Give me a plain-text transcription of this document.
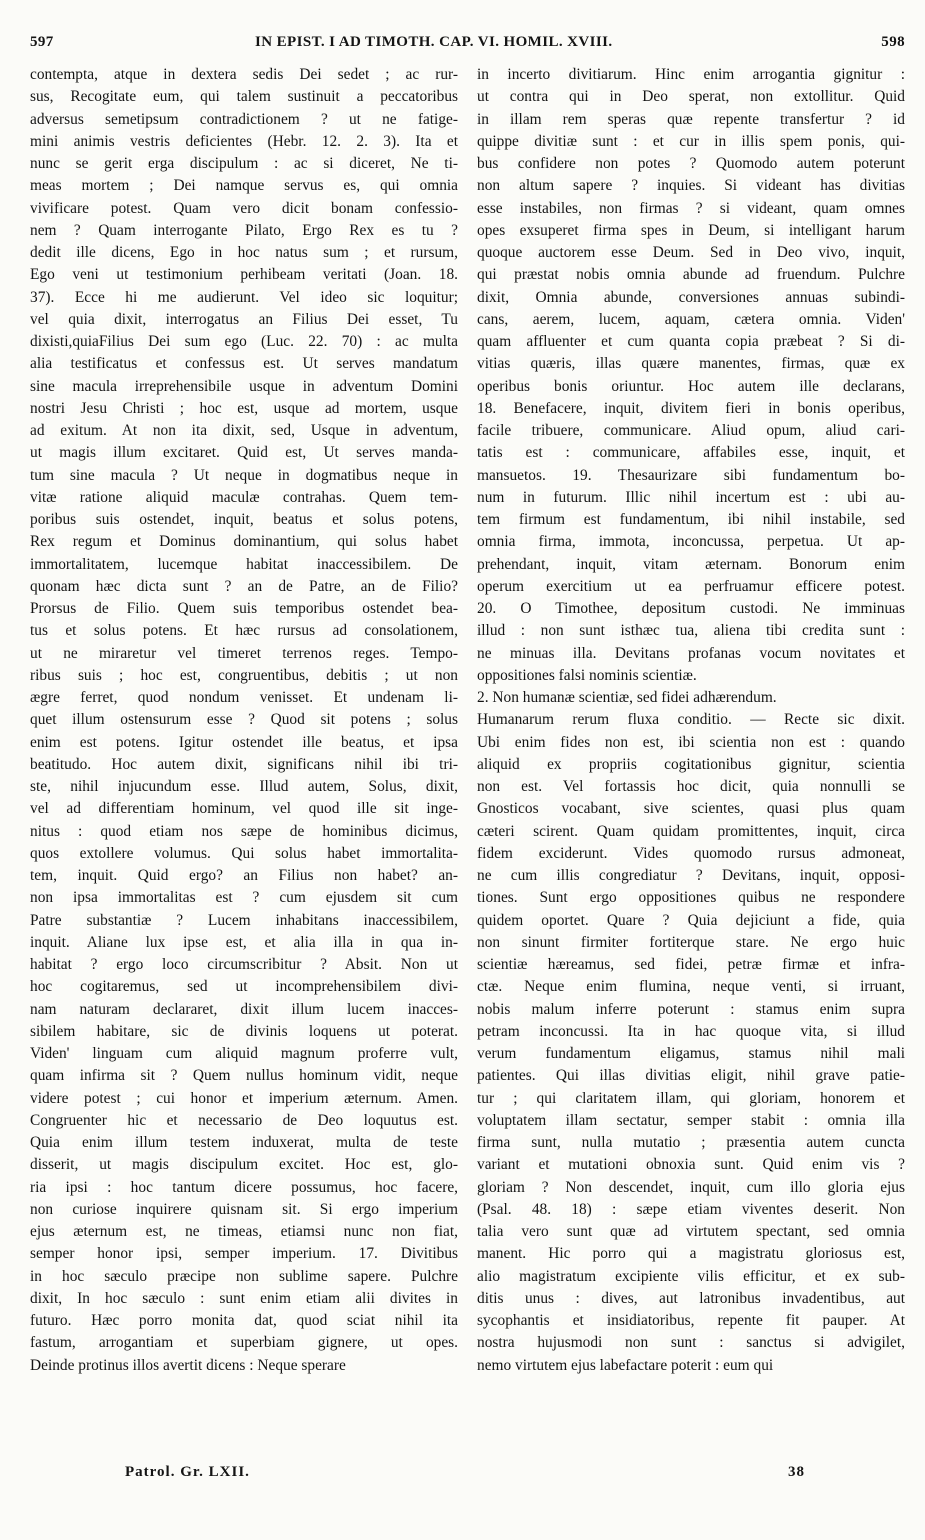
597	IN EPIST. I AD TIMOTH. CAP. VI. HOMIL. XVIII.	598
contempta, atque in dextera sedis Dei sedet ; ac rur-
sus, Recogitate eum, qui talem sustinuit a peccatoribus
adversus semetipsum contradictionem ? ut ne fatige-
mini animis vestris deficientes (Hebr. 12. 2. 3). Ita et
nunc se gerit erga discipulum : ac si diceret, Ne ti-
meas mortem ; Dei namque servus es, qui omnia
vivificare potest. Quam vero dicit bonam confessio-
nem ? Quam interrogante Pilato, Ergo Rex es tu ?
dedit ille dicens, Ego in hoc natus sum ; et rursum,
Ego veni ut testimonium perhibeam veritati (Joan. 18.
37). Ecce hi me audierunt. Vel ideo sic loquitur;
vel quia dixit, interrogatus an Filius Dei esset, Tu
dixisti,quiaFilius Dei sum ego (Luc. 22. 70) : ac multa
alia testificatus et confessus est. Ut serves mandatum
sine macula irreprehensibile usque in adventum Domini
nostri Jesu Christi ; hoc est, usque ad mortem, usque
ad exitum. At non ita dixit, sed, Usque in adventum,
ut magis illum excitaret. Quid est, Ut serves manda-
tum sine macula ? Ut neque in dogmatibus neque in
vitæ ratione aliquid maculæ contrahas. Quem tem-
poribus suis ostendet, inquit, beatus et solus potens,
Rex regum et Dominus dominantium, qui solus habet
immortalitatem, lucemque habitat inaccessibilem. De
quonam hæc dicta sunt ? an de Patre, an de Filio?
Prorsus de Filio. Quem suis temporibus ostendet bea-
tus et solus potens. Et hæc rursus ad consolationem,
ut ne miraretur vel timeret terrenos reges. Tempo-
ribus suis ; hoc est, congruentibus, debitis ; ut non
ægre ferret, quod nondum venisset. Et undenam li-
quet illum ostensurum esse ? Quod sit potens ; solus
enim est potens. Igitur ostendet ille beatus, et ipsa
beatitudo. Hoc autem dixit, significans nihil ibi tri-
ste, nihil injucundum esse. Illud autem, Solus, dixit,
vel ad differentiam hominum, vel quod ille sit inge-
nitus : quod etiam nos sæpe de hominibus dicimus,
quos extollere volumus. Qui solus habet immortalita-
tem, inquit. Quid ergo? an Filius non habet? an-
non ipsa immortalitas est ? cum ejusdem sit cum
Patre substantiæ ? Lucem inhabitans inaccessibilem,
inquit. Aliane lux ipse est, et alia illa in qua in-
habitat ? ergo loco circumscribitur ? Absit. Non ut
hoc cogitaremus, sed ut incomprehensibilem divi-
nam naturam declararet, dixit illum lucem inacces-
sibilem habitare, sic de divinis loquens ut poterat.
Viden' linguam cum aliquid magnum proferre vult,
quam infirma sit ? Quem nullus hominum vidit, neque
videre potest ; cui honor et imperium æternum. Amen.
Congruenter hic et necessario de Deo loquutus est.
Quia enim illum testem induxerat, multa de teste
disserit, ut magis discipulum excitet. Hoc est, glo-
ria ipsi : hoc tantum dicere possumus, hoc facere,
non curiose inquirere quisnam sit. Si ergo imperium
ejus æternum est, ne timeas, etiamsi nunc non fiat,
semper honor ipsi, semper imperium. 17. Divitibus
in hoc sæculo præcipe non sublime sapere. Pulchre
dixit, In hoc sæculo : sunt enim etiam alii divites in
futuro. Hæc porro monita dat, quod sciat nihil ita
fastum, arrogantiam et superbiam gignere, ut opes.
Deinde protinus illos avertit dicens : Neque sperare
in incerto divitiarum. Hinc enim arrogantia gignitur :
ut contra qui in Deo sperat, non extollitur. Quid
in illam rem speras quæ repente transfertur ? id
quippe divitiæ sunt : et cur in illis spem ponis, qui-
bus confidere non potes ? Quomodo autem poterunt
non altum sapere ? inquies. Si videant has divitias
esse instabiles, non firmas ? si videant, quam omnes
opes exsuperet firma spes in Deum, si intelligant harum
quoque auctorem esse Deum. Sed in Deo vivo, inquit,
qui præstat nobis omnia abunde ad fruendum. Pulchre
dixit, Omnia abunde, conversiones annuas subindi-
cans, aerem, lucem, aquam, cætera omnia. Viden'
quam affluenter et cum quanta copia præbeat ? Si di-
vitias quæris, illas quære manentes, firmas, quæ ex
operibus bonis oriuntur. Hoc autem ille declarans,
18. Benefacere, inquit, divitem fieri in bonis operibus,
facile tribuere, communicare. Aliud opum, aliud cari-
tatis est : communicare, affabiles esse, inquit, et
mansuetos. 19. Thesaurizare sibi fundamentum bo-
num in futurum. Illic nihil incertum est : ubi au-
tem firmum est fundamentum, ibi nihil instabile, sed
omnia firma, immota, inconcussa, perpetua. Ut ap-
prehendant, inquit, vitam æternam. Bonorum enim
operum exercitium ut ea perfruamur efficere potest.
20. O Timothee, depositum custodi. Ne imminuas
illud : non sunt isthæc tua, aliena tibi credita sunt :
ne minuas illa. Devitans profanas vocum novitates et
oppositiones falsi nominis scientiæ.
2. Non humanæ scientiæ, sed fidei adhærendum.
Humanarum rerum fluxa conditio. — Recte sic dixit.
Ubi enim fides non est, ibi scientia non est : quando
aliquid ex propriis cogitationibus gignitur, scientia
non est. Vel fortassis hoc dicit, quia nonnulli se
Gnosticos vocabant, sive scientes, quasi plus quam
cæteri scirent. Quam quidam promittentes, inquit, circa
fidem exciderunt. Vides quomodo rursus admoneat,
ne cum illis congrediatur ? Devitans, inquit, opposi-
tiones. Sunt ergo oppositiones quibus ne respondere
quidem oportet. Quare ? Quia dejiciunt a fide, quia
non sinunt firmiter fortiterque stare. Ne ergo huic
scientiæ hæreamus, sed fidei, petræ firmæ et infra-
ctæ. Neque enim flumina, neque venti, si irruant,
nobis malum inferre poterunt : stamus enim supra
petram inconcussi. Ita in hac quoque vita, si illud
verum fundamentum eligamus, stamus nihil mali
patientes. Qui illas divitias eligit, nihil grave patie-
tur ; qui claritatem illam, qui gloriam, honorem et
voluptatem illam sectatur, semper stabit : omnia illa
firma sunt, nulla mutatio ; præsentia autem cuncta
variant et mutationi obnoxia sunt. Quid enim vis ?
gloriam ? Non descendet, inquit, cum illo gloria ejus
(Psal. 48. 18) : sæpe etiam viventes deserit. Non
talia vero sunt quæ ad virtutem spectant, sed omnia
manent. Hic porro qui a magistratu gloriosus est,
alio magistratum excipiente vilis efficitur, et ex sub-
ditis unus : dives, aut latronibus invadentibus, aut
sycophantis et insidiatoribus, repente fit pauper. At
nostra hujusmodi non sunt : sanctus si advigilet,
nemo virtutem ejus labefactare poterit : eum qui
Patrol. Gr. LXII.	38
